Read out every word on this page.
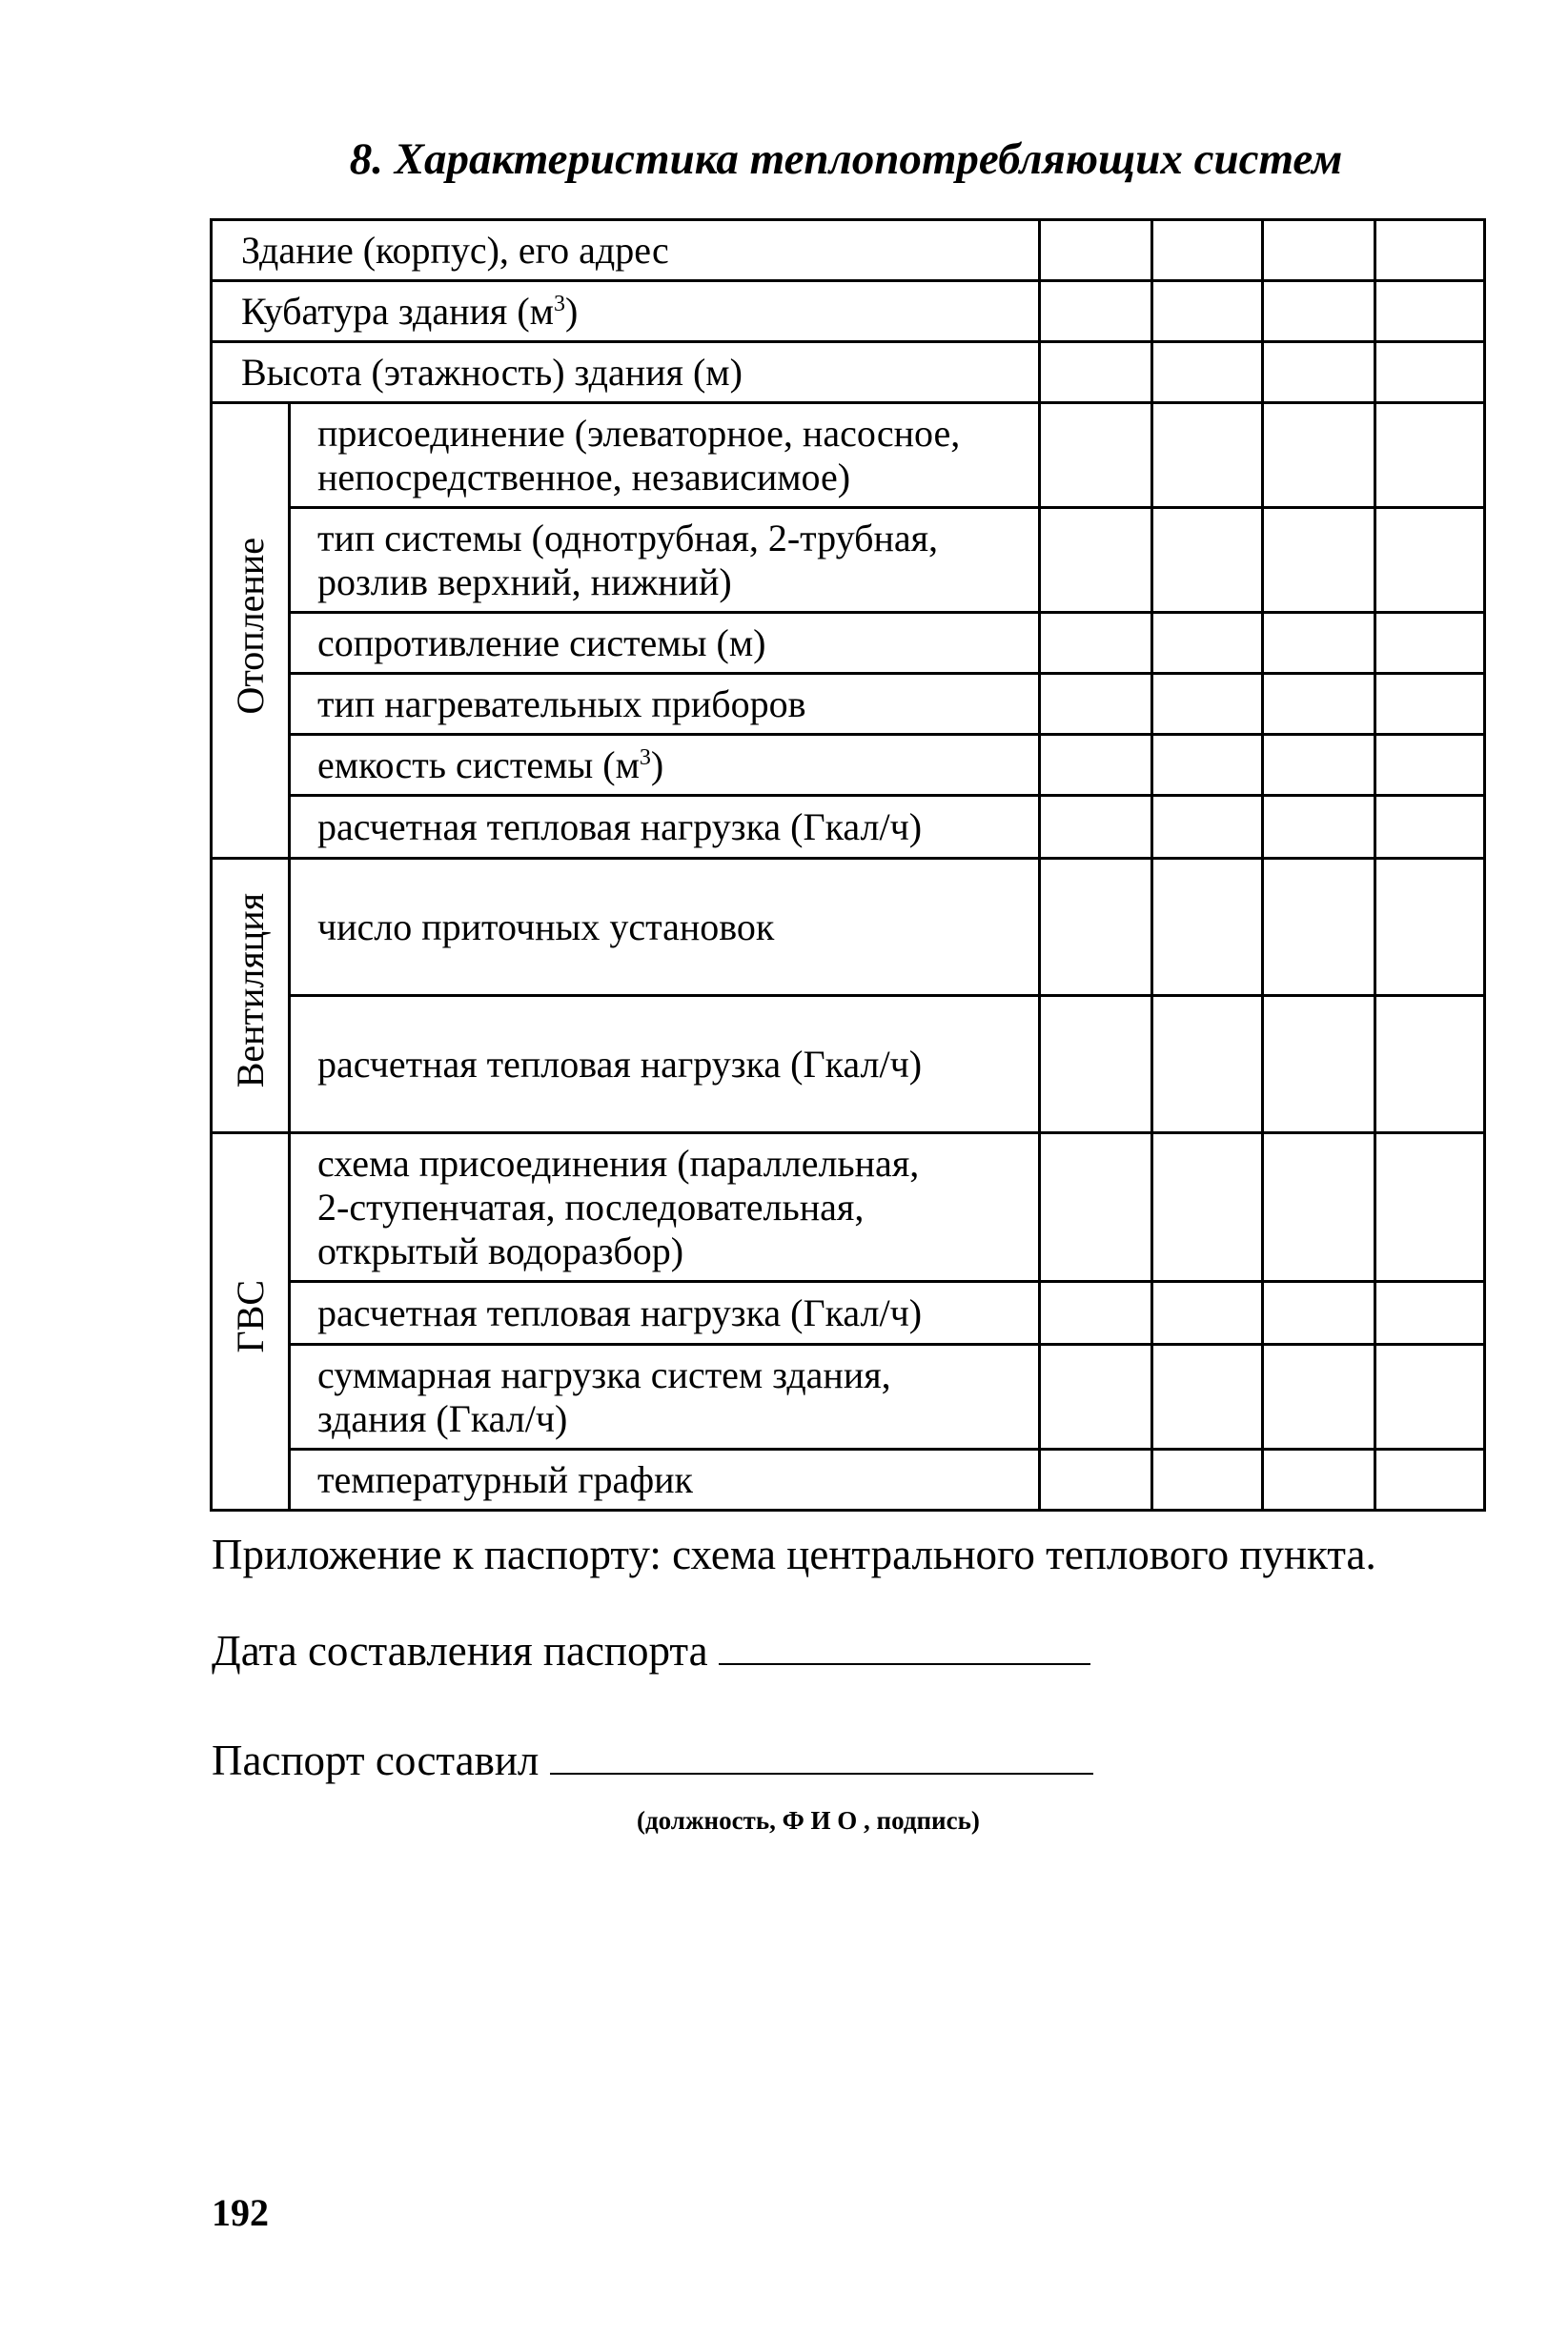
8. Характеристика теплопотребляющих систем
Здание (корпус), его адрес					
Кубатура здания $(м^3)$					
Высота (этажность) здания (м)					
Отопление	присоединение (элеваторное, насосное,
непосредственное, независимое)				

	тип системы (однотрубная, 2-трубная,
розлив верхний, нижний)				

	сопротивление системы (м)				
	тип нагревательных приборов				
	емкость системы $(м^3)$				
	расчетная тепловая нагрузка (Гкал/ч)				
Вентиляция	число приточных установок				
	расчетная тепловая нагрузка (Гкал/ч)				
ГВС	схема присоединения (параллельная,
2-ступенчатая, последовательная,
открытый водоразбор)				

	расчетная тепловая нагрузка (Гкал/ч)				

	суммарная нагрузка систем здания,
здания (Гкал/ч)				

	температурный график				
Приложение к паспорту: схема центрального теплового пункта.
Дата составления паспорта
Паспорт составил
(должность, Ф И О , подпись)
192
